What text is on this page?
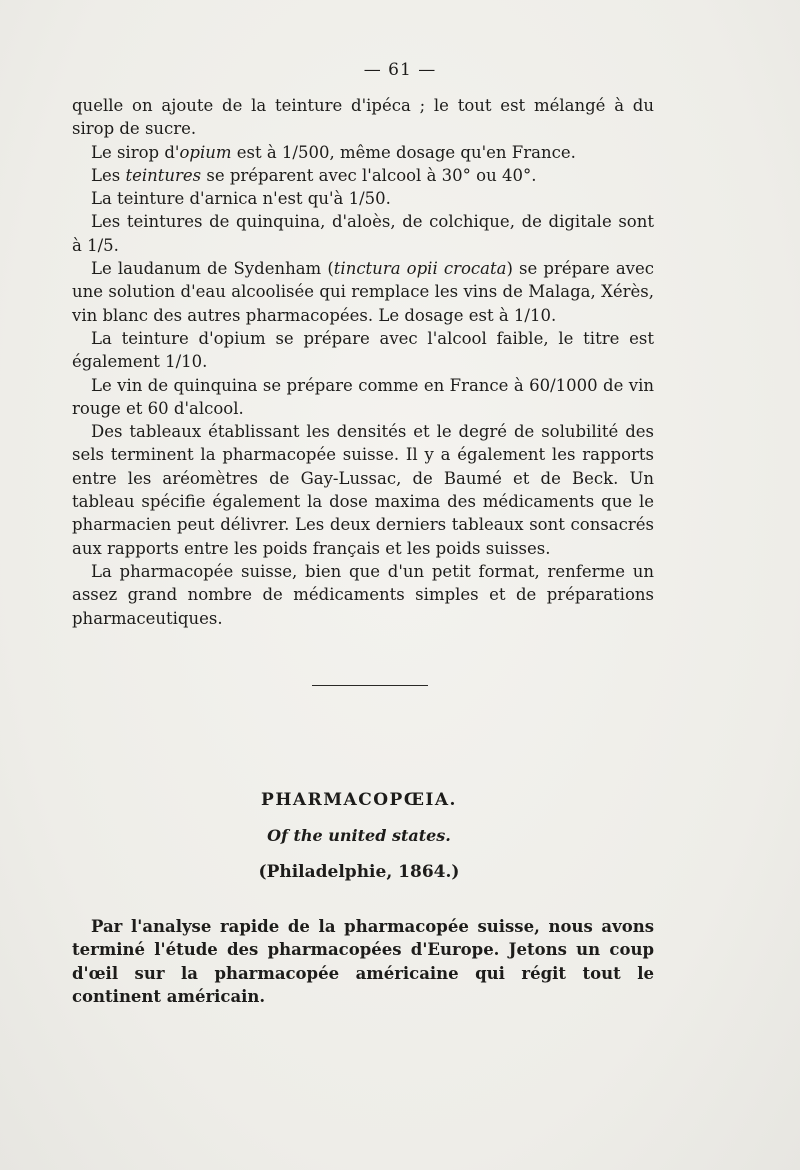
— 61 —

quelle on ajoute de la teinture d'ipéca ; le tout est mélangé à du sirop de sucre.

Le sirop d'opium est à 1/500, même dosage qu'en France.

Les teintures se préparent avec l'alcool à 30° ou 40°.

La teinture d'arnica n'est qu'à 1/50.

Les teintures de quinquina, d'aloès, de colchique, de digitale sont à 1/5.

Le laudanum de Sydenham (tinctura opii crocata) se prépare avec une solution d'eau alcoolisée qui remplace les vins de Malaga, Xérès, vin blanc des autres pharmacopées. Le dosage est à 1/10.

La teinture d'opium se prépare avec l'alcool faible, le titre est également 1/10.

Le vin de quinquina se prépare comme en France à 60/1000 de vin rouge et 60 d'alcool.

Des tableaux établissant les densités et le degré de solubilité des sels terminent la pharmacopée suisse. Il y a également les rapports entre les aréomètres de Gay-Lussac, de Baumé et de Beck. Un tableau spécifie également la dose maxima des médicaments que le pharmacien peut délivrer. Les deux derniers tableaux sont consacrés aux rapports entre les poids français et les poids suisses.

La pharmacopée suisse, bien que d'un petit format, renferme un assez grand nombre de médicaments simples et de préparations pharmaceutiques.

PHARMACOPŒIA.
Of the united states.
(Philadelphie, 1864.)

Par l'analyse rapide de la pharmacopée suisse, nous avons terminé l'étude des pharmacopées d'Europe. Jetons un coup d'œil sur la pharmacopée américaine qui régit tout le continent américain.
